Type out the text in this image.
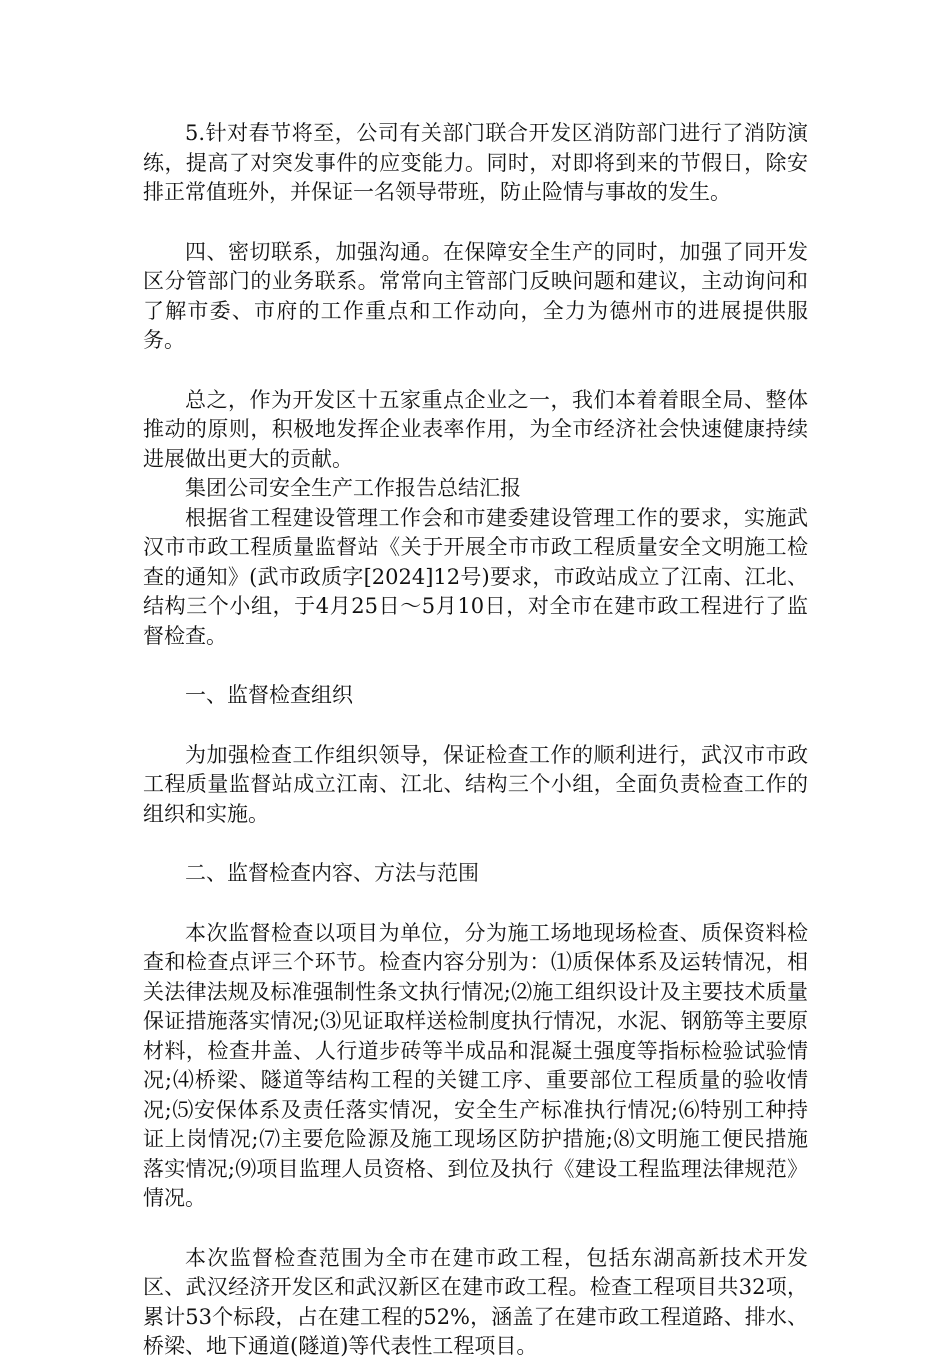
5.针对春节将至，公司有关部门联合开发区消防部门进行了消防演练，提高了对突发事件的应变能力。同时，对即将到来的节假日，除安排正常值班外，并保证一名领导带班，防止险情与事故的发生。

四、密切联系，加强沟通。在保障安全生产的同时，加强了同开发区分管部门的业务联系。常常向主管部门反映问题和建议，主动询问和了解市委、市府的工作重点和工作动向，全力为德州市的进展提供服务。

总之，作为开发区十五家重点企业之一，我们本着着眼全局、整体推动的原则，积极地发挥企业表率作用，为全市经济社会快速健康持续进展做出更大的贡献。

集团公司安全生产工作报告总结汇报

根据省工程建设管理工作会和市建委建设管理工作的要求，实施武汉市市政工程质量监督站《关于开展全市市政工程质量安全文明施工检查的通知》(武市政质字[2024]12号)要求，市政站成立了江南、江北、结构三个小组，于4月25日～5月10日，对全市在建市政工程进行了监督检查。

一、监督检查组织

为加强检查工作组织领导，保证检查工作的顺利进行，武汉市市政工程质量监督站成立江南、江北、结构三个小组，全面负责检查工作的组织和实施。

二、监督检查内容、方法与范围

本次监督检查以项目为单位，分为施工场地现场检查、质保资料检查和检查点评三个环节。检查内容分别为：⑴质保体系及运转情况，相关法律法规及标准强制性条文执行情况;⑵施工组织设计及主要技术质量保证措施落实情况;⑶见证取样送检制度执行情况，水泥、钢筋等主要原材料，检查井盖、人行道步砖等半成品和混凝土强度等指标检验试验情况;⑷桥梁、隧道等结构工程的关键工序、重要部位工程质量的验收情况;⑸安保体系及责任落实情况，安全生产标准执行情况;⑹特别工种持证上岗情况;⑺主要危险源及施工现场区防护措施;⑻文明施工便民措施落实情况;⑼项目监理人员资格、到位及执行《建设工程监理法律规范》情况。

本次监督检查范围为全市在建市政工程，包括东湖高新技术开发区、武汉经济开发区和武汉新区在建市政工程。检查工程项目共32项，累计53个标段，占在建工程的52%，涵盖了在建市政工程道路、排水、桥梁、地下通道(隧道)等代表性工程项目。
